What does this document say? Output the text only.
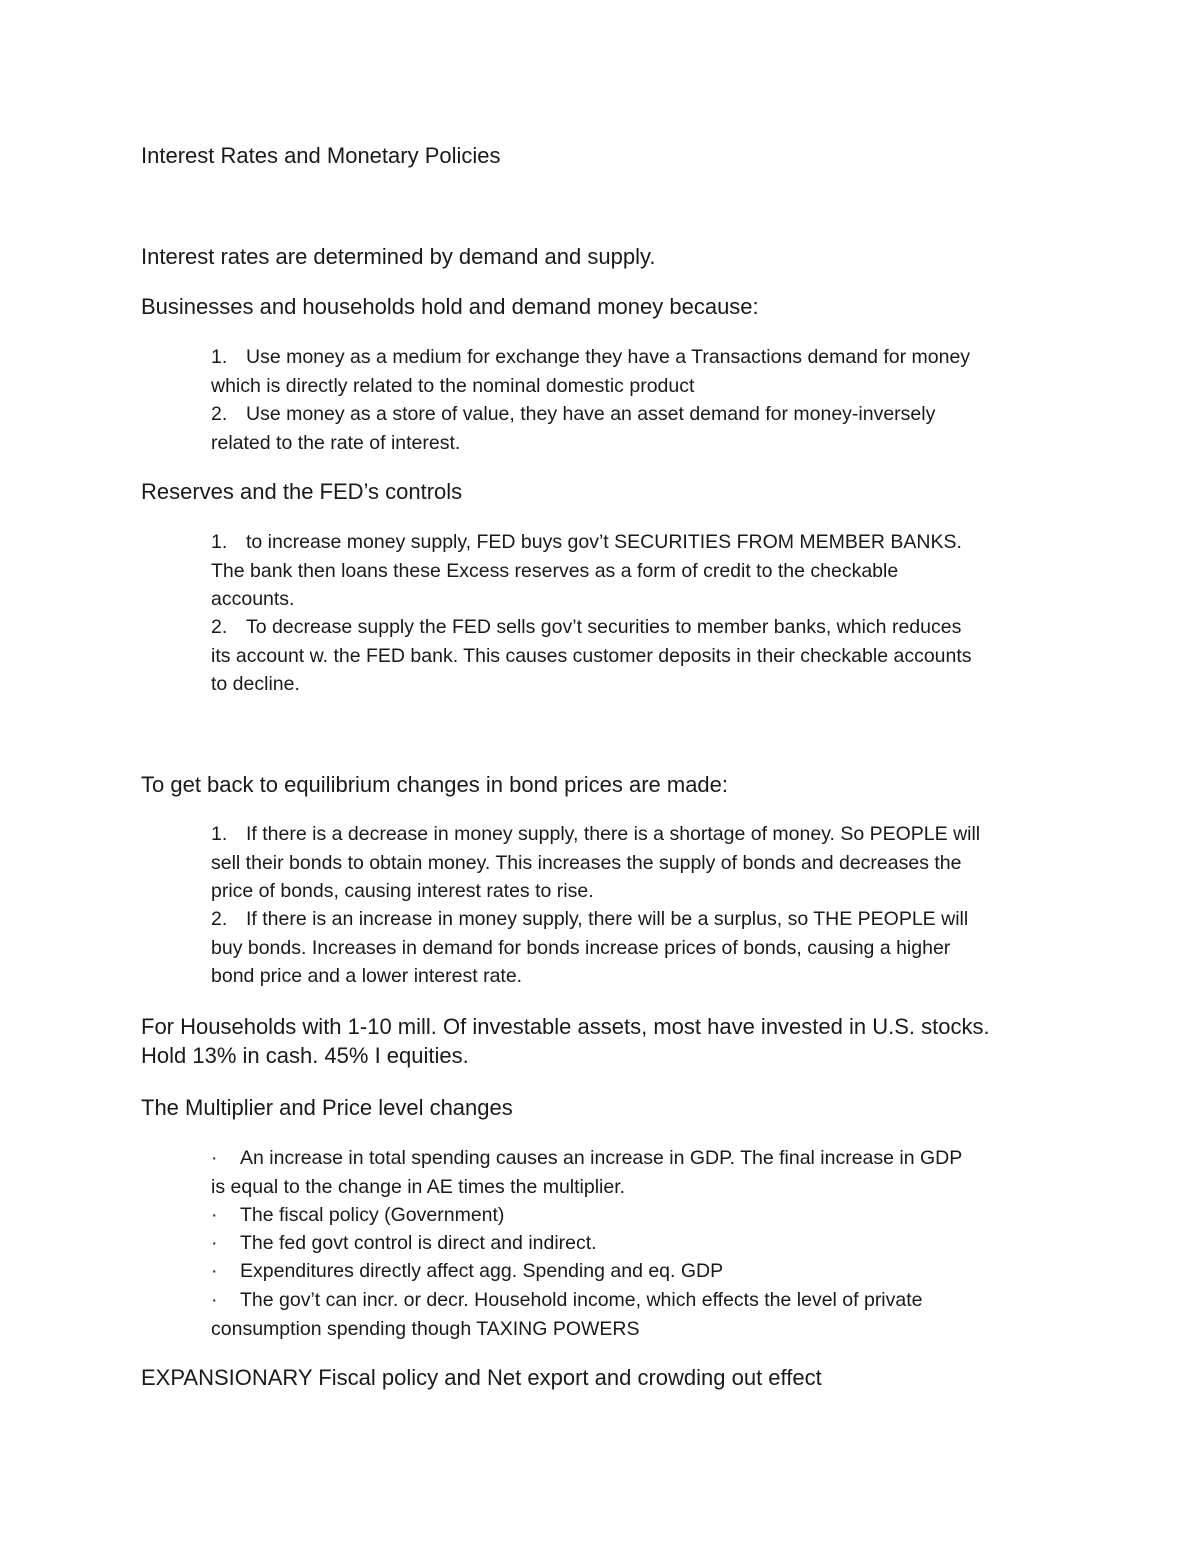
Interest Rates and Monetary Policies

Interest rates are determined by demand and supply.

Businesses and households hold and demand money because:

1. Use money as a medium for exchange they have a Transactions demand for money
which is directly related to the nominal domestic product
2. Use money as a store of value, they have an asset demand for money-inversely
related to the rate of interest.

Reserves and the FED’s controls

1. to increase money supply, FED buys gov’t SECURITIES FROM MEMBER BANKS.
The bank then loans these Excess reserves as a form of credit to the checkable
accounts.
2. To decrease supply the FED sells gov’t securities to member banks, which reduces
its account w. the FED bank. This causes customer deposits in their checkable accounts
to decline.

To get back to equilibrium changes in bond prices are made:

1. If there is a decrease in money supply, there is a shortage of money. So PEOPLE will
sell their bonds to obtain money. This increases the supply of bonds and decreases the
price of bonds, causing interest rates to rise.
2. If there is an increase in money supply, there will be a surplus, so THE PEOPLE will
buy bonds. Increases in demand for bonds increase prices of bonds, causing a higher
bond price and a lower interest rate.

For Households with 1-10 mill. Of investable assets, most have invested in U.S. stocks.

Hold 13% in cash. 45% I equities.

The Multiplier and Price level changes

· An increase in total spending causes an increase in GDP. The final increase in GDP
is equal to the change in AE times the multiplier.
· The fiscal policy (Government)
· The fed govt control is direct and indirect.
· Expenditures directly affect agg. Spending and eq. GDP
· The gov’t can incr. or decr. Household income, which effects the level of private
consumption spending though TAXING POWERS

EXPANSIONARY Fiscal policy and Net export and crowding out effect
